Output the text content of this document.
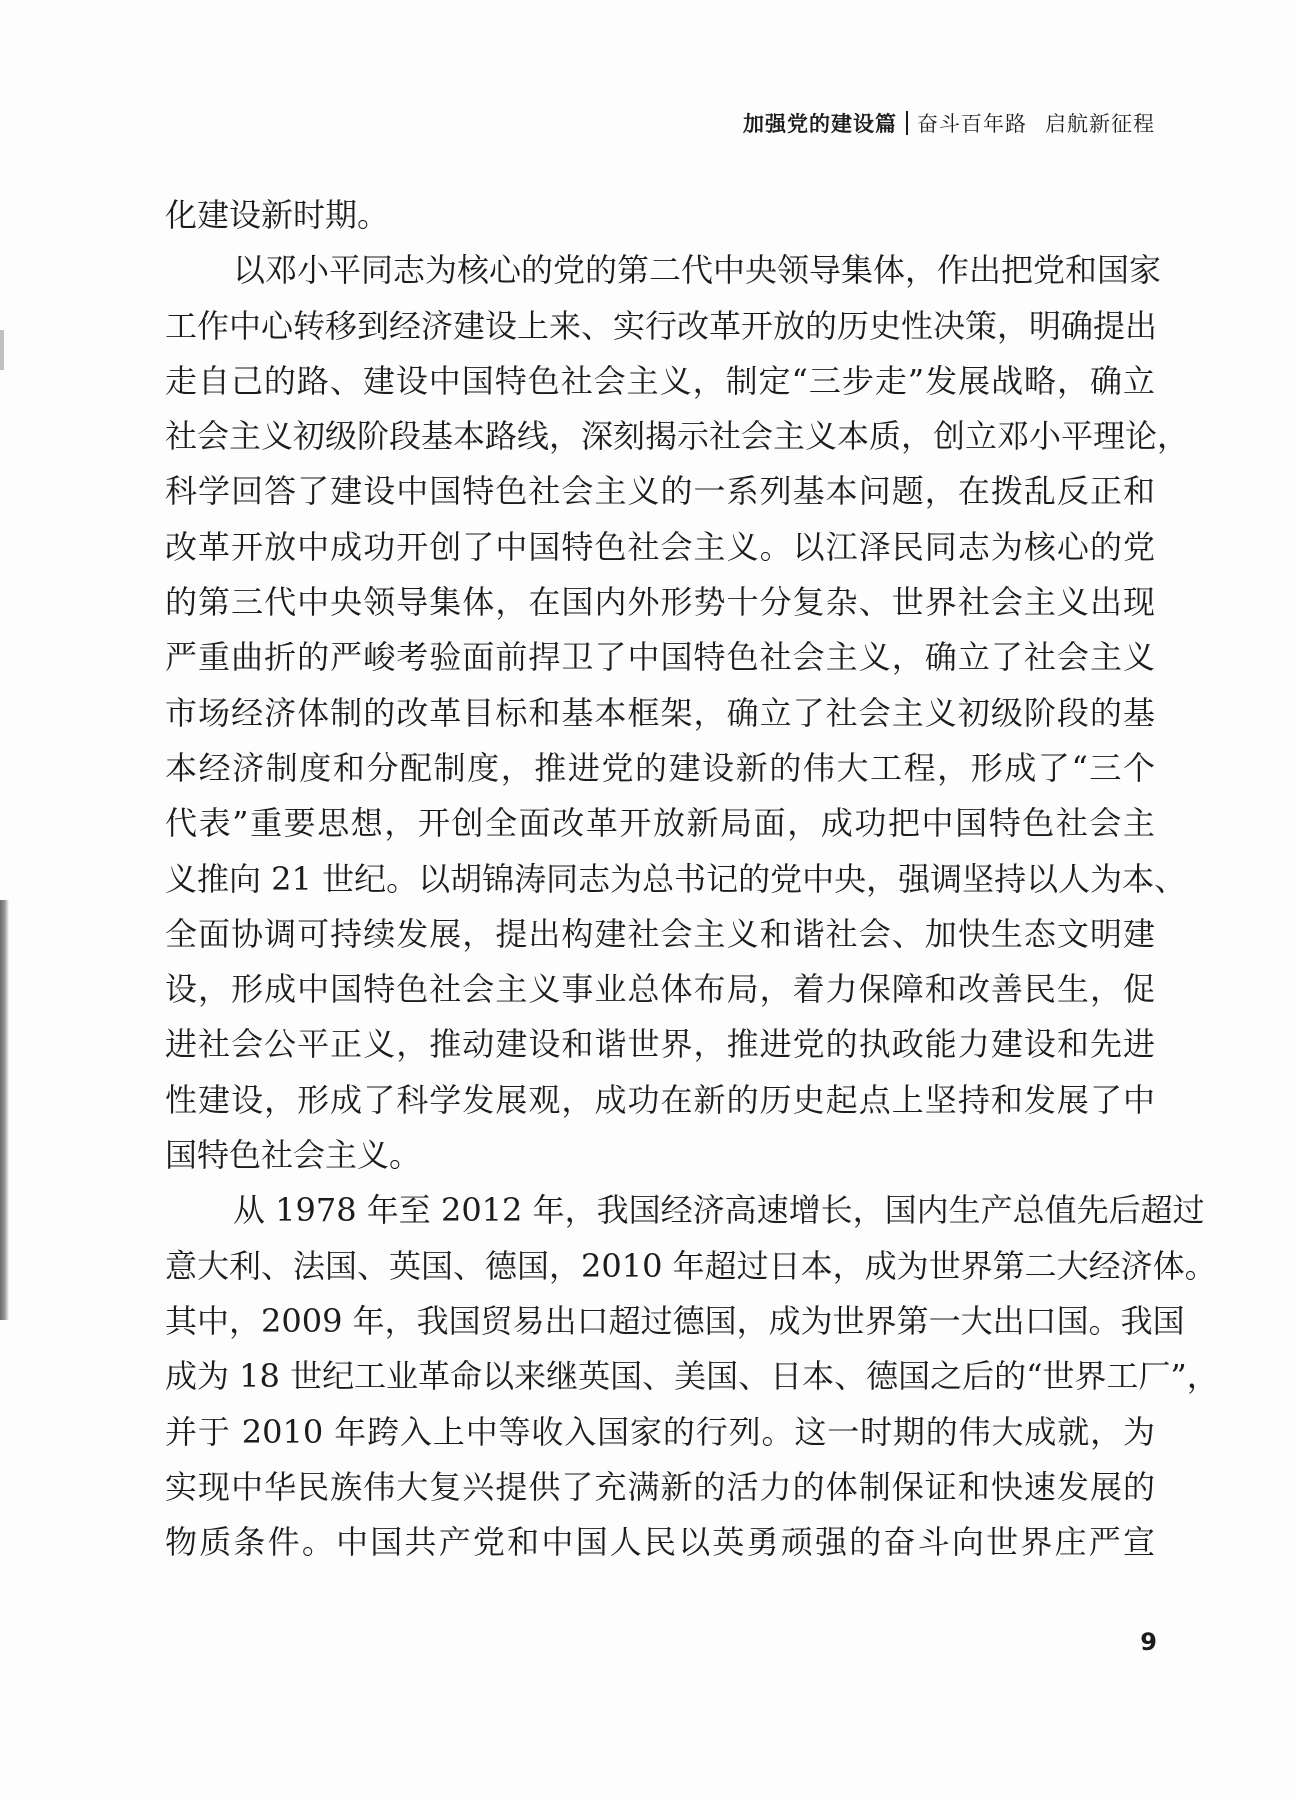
加强党的建设篇 奋斗百年路 启航新征程
化建设新时期。
以邓小平同志为核心的党的第二代中央领导集体，作出把党和国家
工作中心转移到经济建设上来、实行改革开放的历史性决策，明确提出
走自己的路、建设中国特色社会主义，制定“三步走”发展战略，确立
社会主义初级阶段基本路线，深刻揭示社会主义本质，创立邓小平理论，
科学回答了建设中国特色社会主义的一系列基本问题，在拨乱反正和
改革开放中成功开创了中国特色社会主义。以江泽民同志为核心的党
的第三代中央领导集体，在国内外形势十分复杂、世界社会主义出现
严重曲折的严峻考验面前捍卫了中国特色社会主义，确立了社会主义
市场经济体制的改革目标和基本框架，确立了社会主义初级阶段的基
本经济制度和分配制度，推进党的建设新的伟大工程，形成了“三个
代表”重要思想，开创全面改革开放新局面，成功把中国特色社会主
义推向 21 世纪。以胡锦涛同志为总书记的党中央，强调坚持以人为本、
全面协调可持续发展，提出构建社会主义和谐社会、加快生态文明建
设，形成中国特色社会主义事业总体布局，着力保障和改善民生，促
进社会公平正义，推动建设和谐世界，推进党的执政能力建设和先进
性建设，形成了科学发展观，成功在新的历史起点上坚持和发展了中
国特色社会主义。
从 1978 年至 2012 年，我国经济高速增长，国内生产总值先后超过
意大利、法国、英国、德国，2010 年超过日本，成为世界第二大经济体。
其中，2009 年，我国贸易出口超过德国，成为世界第一大出口国。我国
成为 18 世纪工业革命以来继英国、美国、日本、德国之后的“世界工厂”，
并于 2010 年跨入上中等收入国家的行列。这一时期的伟大成就，为
实现中华民族伟大复兴提供了充满新的活力的体制保证和快速发展的
物质条件。中国共产党和中国人民以英勇顽强的奋斗向世界庄严宣
9
